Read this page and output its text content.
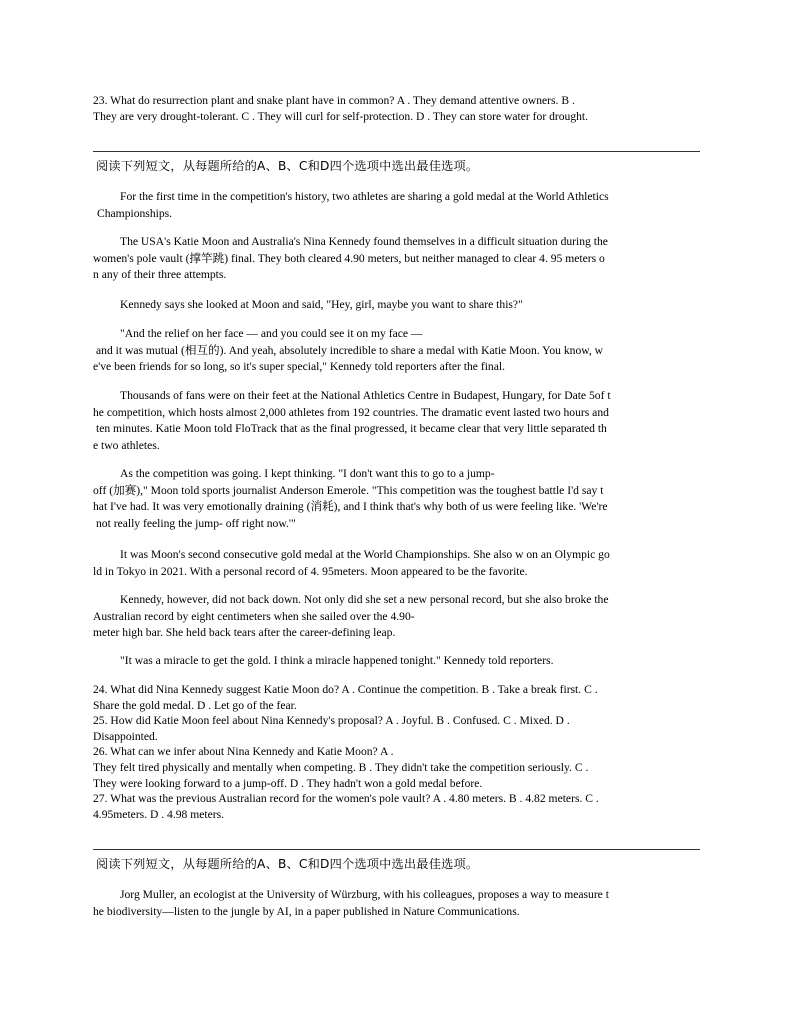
23. What do resurrection plant and snake plant have in common? A . They demand attentive owners. B .
They are very drought-tolerant. C . They will curl for self-protection. D . They can store water for drought.
阅读下列短文，从每题所给的A、B、C和D四个选项中选出最佳选项。
For the first time in the competition's history, two athletes are sharing a gold medal at the World Athletics
Championships.
The USA's Katie Moon and Australia's Nina Kennedy found themselves in a difficult situation during the
women's pole vault (撑竿跳) final. They both cleared 4.90 meters, but neither managed to clear 4. 95 meters o
n any of their three attempts.
Kennedy says she looked at Moon and said, "Hey, girl, maybe you want to share this?"
"And the relief on her face — and you could see it on my face —
and it was mutual (相互的). And yeah, absolutely incredible to share a medal with Katie Moon. You know, w
e've been friends for so long, so it's super special," Kennedy told reporters after the final.
Thousands of fans were on their feet at the National Athletics Centre in Budapest, Hungary, for Date 5of t
he competition, which hosts almost 2,000 athletes from 192 countries. The dramatic event lasted two hours and
ten minutes. Katie Moon told FloTrack that as the final progressed, it became clear that very little separated th
e two athletes.
As the competition was going. I kept thinking. "I don't want this to go to a jump-
off (加赛)," Moon told sports journalist Anderson Emerole. "This competition was the toughest battle I'd say t
hat I've had. It was very emotionally draining (消耗), and I think that's why both of us were feeling like. 'We're
not really feeling the jump- off right now.'"
It was Moon's second consecutive gold medal at the World Championships. She also w on an Olympic go
ld in Tokyo in 2021. With a personal record of 4. 95meters. Moon appeared to be the favorite.
Kennedy, however, did not back down. Not only did she set a new personal record, but she also broke the
Australian record by eight centimeters when she sailed over the 4.90-
meter high bar. She held back tears after the career-defining leap.
"It was a miracle to get the gold. I think a miracle happened tonight." Kennedy told reporters.
24. What did Nina Kennedy suggest Katie Moon do? A . Continue the competition. B . Take a break first. C .
Share the gold medal. D . Let go of the fear.
25. How did Katie Moon feel about Nina Kennedy's proposal? A . Joyful. B . Confused. C . Mixed. D .
Disappointed.
26. What can we infer about Nina Kennedy and Katie Moon? A .
They felt tired physically and mentally when competing. B . They didn't take the competition seriously. C .
They were looking forward to a jump-off. D . They hadn't won a gold medal before.
27. What was the previous Australian record for the women's pole vault? A . 4.80 meters. B . 4.82 meters. C .
4.95meters. D . 4.98 meters.
阅读下列短文，从每题所给的A、B、C和D四个选项中选出最佳选项。
Jorg Muller, an ecologist at the University of Würzburg, with his colleagues, proposes a way to measure t
he biodiversity—listen to the jungle by AI, in a paper published in Nature Communications.
